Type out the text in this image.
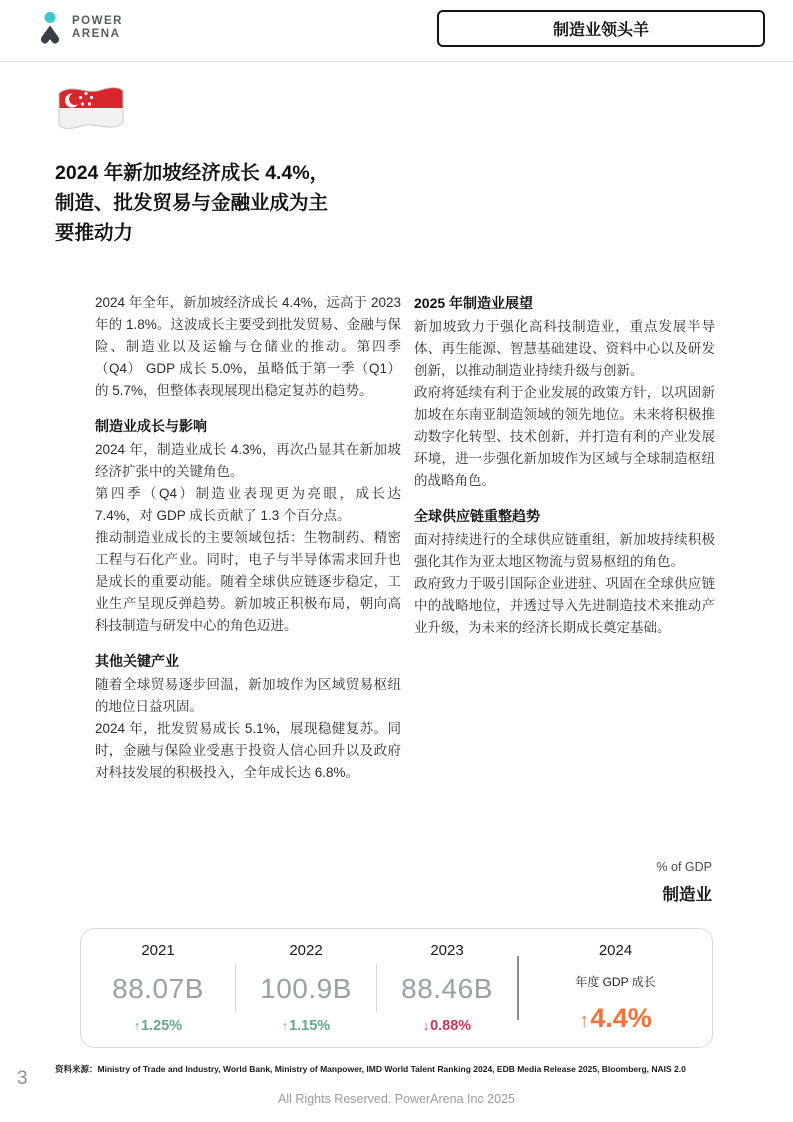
POWER
ARENA	制造业领头羊
2024 年新加坡经济成长 4.4%，
制造、批发贸易与金融业成为主
要推动力

2024 年全年，新加坡经济成长 4.4%，远高于 2023 年的 1.8%。这波成长主要受到批发贸易、金融与保险、制造业以及运输与仓储业的推动。第四季（Q4） GDP 成长 5.0%，虽略低于第一季（Q1）的 5.7%，但整体表现展现出稳定复苏的趋势。

制造业成长与影响

2024 年，制造业成长 4.3%，再次凸显其在新加坡经济扩张中的关键角色。

第四季（Q4）制造业表现更为亮眼，成长达 7.4%，对 GDP 成长贡献了 1.3 个百分点。

推动制造业成长的主要领域包括：生物制药、精密工程与石化产业。同时，电子与半导体需求回升也是成长的重要动能。随着全球供应链逐步稳定，工业生产呈现反弹趋势。新加坡正积极布局，朝向高科技制造与研发中心的角色迈进。

其他关键产业

随着全球贸易逐步回温，新加坡作为区域贸易枢纽的地位日益巩固。

2024 年，批发贸易成长 5.1%，展现稳健复苏。同时，金融与保险业受惠于投资人信心回升以及政府对科技发展的积极投入，全年成长达 6.8%。

2025 年制造业展望

新加坡致力于强化高科技制造业，重点发展半导体、再生能源、智慧基础建设、资料中心以及研发创新，以推动制造业持续升级与创新。

政府将延续有利于企业发展的政策方针，以巩固新加坡在东南亚制造领域的领先地位。未来将积极推动数字化转型、技术创新，并打造有利的产业发展环境，进一步强化新加坡作为区域与全球制造枢纽的战略角色。

全球供应链重整趋势

面对持续进行的全球供应链重组，新加坡持续积极强化其作为亚太地区物流与贸易枢纽的角色。

政府致力于吸引国际企业进驻、巩固在全球供应链中的战略地位，并透过导入先进制造技术来推动产业升级，为未来的经济长期成长奠定基础。

% of GDP
制造业
2021
88.07B
↑1.25%
2022
100.9B
↑1.15%
2023
88.46B
↓0.88%
2024
年度 GDP 成长
↑4.4%
资料来源：Ministry of Trade and Industry, World Bank, Ministry of Manpower, IMD World Talent Ranking 2024, EDB Media Release 2025, Bloomberg, NAIS 2.0
3
All Rights Reserved. PowerArena Inc 2025
